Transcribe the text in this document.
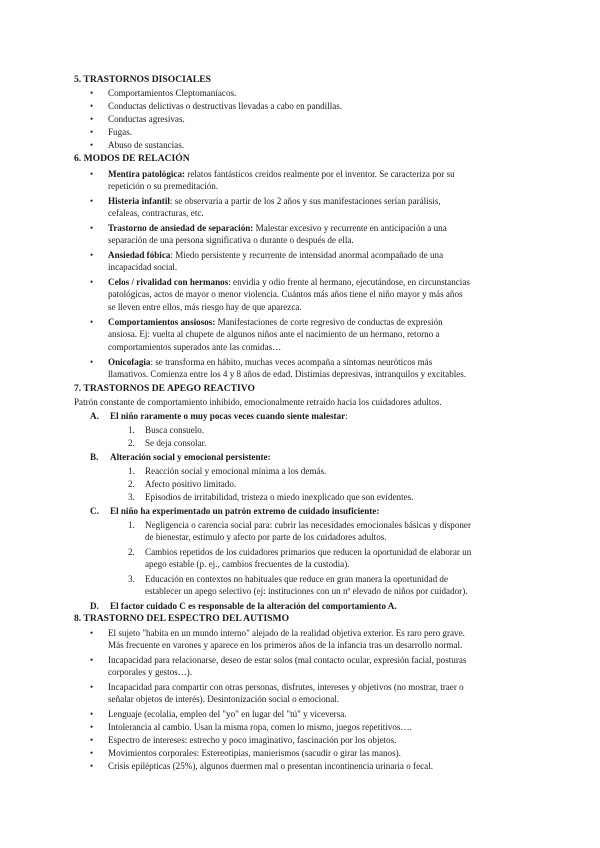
5. TRASTORNOS DISOCIALES
• Comportamientos Cleptomaníacos.
• Conductas delictivas o destructivas llevadas a cabo en pandillas.
• Conductas agresivas.
• Fugas.
• Abuso de sustancias.
6. MODOS DE RELACIÓN
• Mentira patológica: relatos fantásticos creídos realmente por el inventor. Se caracteriza por su
repetición o su premeditación.
• Histeria infantil: se observaría a partir de los 2 años y sus manifestaciones serían parálisis,
cefaleas, contracturas, etc.
• Trastorno de ansiedad de separación: Malestar excesivo y recurrente en anticipación a una
separación de una persona significativa o durante o después de ella.
• Ansiedad fóbica: Miedo persistente y recurrente de intensidad anormal acompañado de una
incapacidad social.
• Celos / rivalidad con hermanos: envidia y odio frente al hermano, ejecutándose, en circunstancias
patológicas, actos de mayor o menor violencia. Cuántos más años tiene el niño mayor y más años
se lleven entre ellos, más riesgo hay de que aparezca.
• Comportamientos ansiosos: Manifestaciones de corte regresivo de conductas de expresión
ansiosa. Ej: vuelta al chupete de algunos niños ante el nacimiento de un hermano, retorno a
comportamientos superados ante las comidas…
• Onicofagia: se transforma en hábito, muchas veces acompaña a síntomas neuróticos más
llamativos. Comienza entre los 4 y 8 años de edad. Distimias depresivas, intranquilos y excitables.
7. TRASTORNOS DE APEGO REACTIVO
Patrón constante de comportamiento inhibido, emocionalmente retraído hacia los cuidadores adultos.
A. El niño raramente o muy pocas veces cuando siente malestar:
1. Busca consuelo.
2. Se deja consolar.
B. Alteración social y emocional persistente:
1. Reacción social y emocional mínima a los demás.
2. Afecto positivo limitado.
3. Episodios de irritabilidad, tristeza o miedo inexplicado que son evidentes.
C. El niño ha experimentado un patrón extremo de cuidado insuficiente:
1. Negligencia o carencia social para: cubrir las necesidades emocionales básicas y disponer
de bienestar, estímulo y afecto por parte de los cuidadores adultos.
2. Cambios repetidos de los cuidadores primarios que reducen la oportunidad de elaborar un
apego estable (p. ej., cambios frecuentes de la custodia).
3. Educación en contextos no habituales que reduce en gran manera la oportunidad de
establecer un apego selectivo (ej: instituciones con un nº elevado de niños por cuidador).
D. El factor cuidado C es responsable de la alteración del comportamiento A.
8. TRASTORNO DEL ESPECTRO DEL AUTISMO
• El sujeto "habita en un mundo interno" alejado de la realidad objetiva exterior. Es raro pero grave.
Más frecuente en varones y aparece en los primeros años de la infancia tras un desarrollo normal.
• Incapacidad para relacionarse, deseo de estar solos (mal contacto ocular, expresión facial, posturas
corporales y gestos…).
• Incapacidad para compartir con otras personas, disfrutes, intereses y objetivos (no mostrar, traer o
señalar objetos de interés). Desintonización social o emocional.
• Lenguaje (ecolalia, empleo del "yo" en lugar del "tú" y viceversa.
• Intolerancia al cambio. Usan la misma ropa, comen lo mismo, juegos repetitivos….
• Espectro de intereses: estrecho y poco imaginativo, fascinación por los objetos.
• Movimientos corporales: Estereotipias, manierismos (sacudir o girar las manos).
• Crisis epilépticas (25%), algunos duermen mal o presentan incontinencia urinaria o fecal.
